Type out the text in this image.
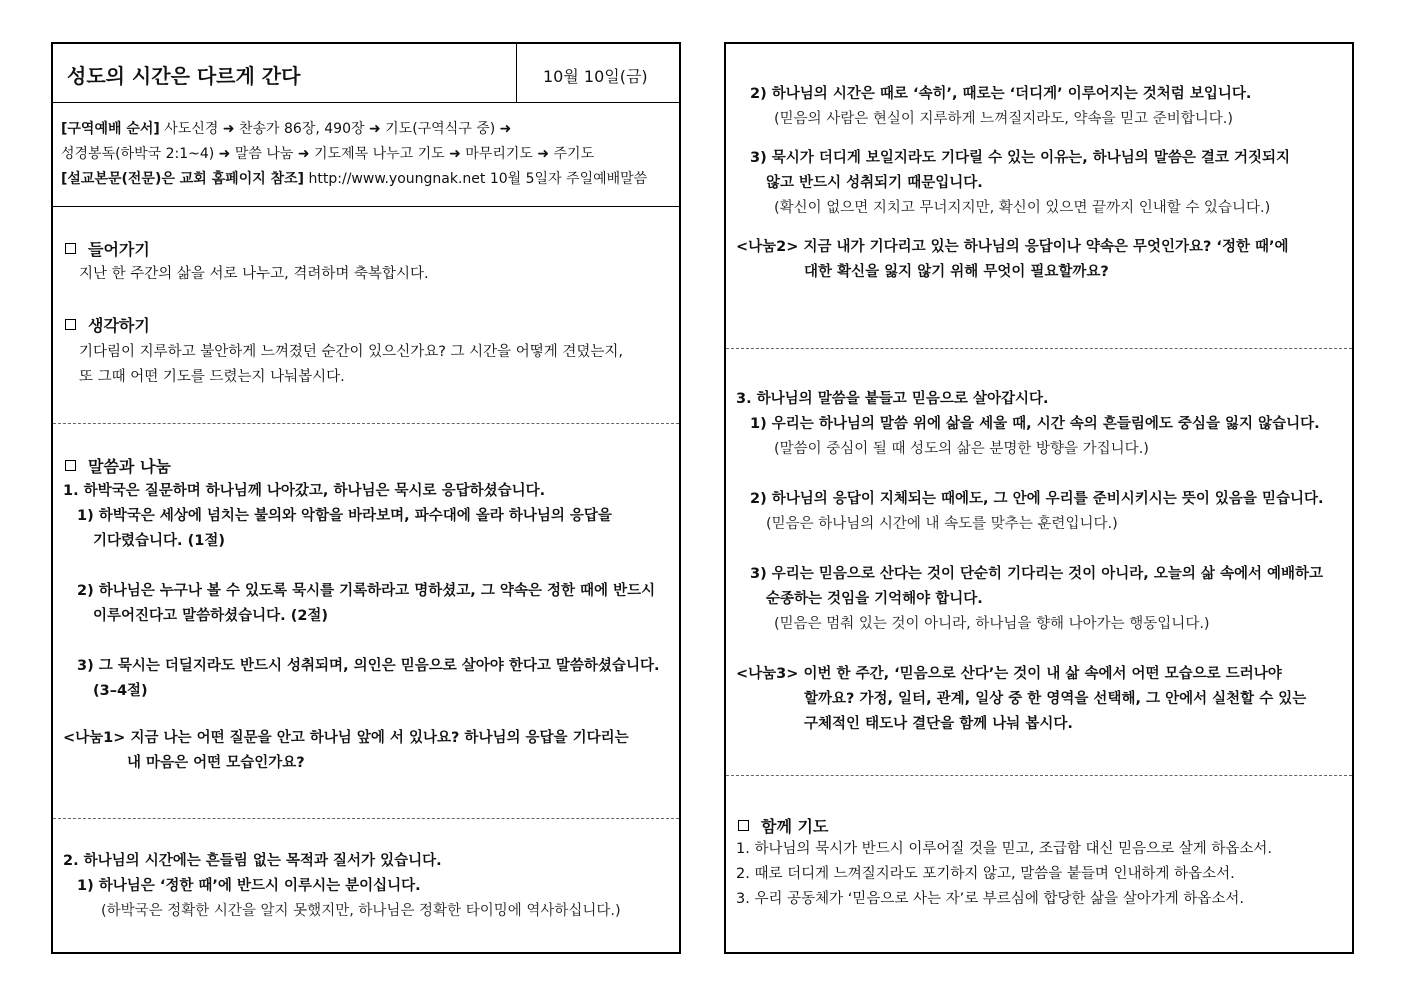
성도의 시간은 다르게 간다	10월 10일(금)
[구역예배 순서] 사도신경 ➜ 찬송가 86장, 490장 ➜ 기도(구역식구 중) ➜
성경봉독(하박국 2:1~4) ➜ 말씀 나눔 ➜ 기도제목 나누고 기도 ➜ 마무리기도 ➜ 주기도
[설교본문(전문)은 교회 홈페이지 참조] http://www.youngnak.net 10월 5일자 주일예배말씀
들어가기
지난 한 주간의 삶을 서로 나누고, 격려하며 축복합시다.
생각하기
기다림이 지루하고 불안하게 느껴졌던 순간이 있으신가요? 그 시간을 어떻게 견뎠는지,
또 그때 어떤 기도를 드렸는지 나눠봅시다.
말씀과 나눔
1. 하박국은 질문하며 하나님께 나아갔고, 하나님은 묵시로 응답하셨습니다.
1) 하박국은 세상에 넘치는 불의와 악함을 바라보며, 파수대에 올라 하나님의 응답을
기다렸습니다. (1절)
2) 하나님은 누구나 볼 수 있도록 묵시를 기록하라고 명하셨고, 그 약속은 정한 때에 반드시
이루어진다고 말씀하셨습니다. (2절)
3) 그 묵시는 더딜지라도 반드시 성취되며, 의인은 믿음으로 살아야 한다고 말씀하셨습니다.
(3–4절)
<나눔1> 지금 나는 어떤 질문을 안고 하나님 앞에 서 있나요? 하나님의 응답을 기다리는
내 마음은 어떤 모습인가요?
2. 하나님의 시간에는 흔들림 없는 목적과 질서가 있습니다.
1) 하나님은 ‘정한 때’에 반드시 이루시는 분이십니다.
(하박국은 정확한 시간을 알지 못했지만, 하나님은 정확한 타이밍에 역사하십니다.)
2) 하나님의 시간은 때로 ‘속히’, 때로는 ‘더디게’ 이루어지는 것처럼 보입니다.
(믿음의 사람은 현실이 지루하게 느껴질지라도, 약속을 믿고 준비합니다.)
3) 묵시가 더디게 보일지라도 기다릴 수 있는 이유는, 하나님의 말씀은 결코 거짓되지
않고 반드시 성취되기 때문입니다.
(확신이 없으면 지치고 무너지지만, 확신이 있으면 끝까지 인내할 수 있습니다.)
<나눔2> 지금 내가 기다리고 있는 하나님의 응답이나 약속은 무엇인가요? ‘정한 때’에
대한 확신을 잃지 않기 위해 무엇이 필요할까요?
3. 하나님의 말씀을 붙들고 믿음으로 살아갑시다.
1) 우리는 하나님의 말씀 위에 삶을 세울 때, 시간 속의 흔들림에도 중심을 잃지 않습니다.
(말씀이 중심이 될 때 성도의 삶은 분명한 방향을 가집니다.)
2) 하나님의 응답이 지체되는 때에도, 그 안에 우리를 준비시키시는 뜻이 있음을 믿습니다.
(믿음은 하나님의 시간에 내 속도를 맞추는 훈련입니다.)
3) 우리는 믿음으로 산다는 것이 단순히 기다리는 것이 아니라, 오늘의 삶 속에서 예배하고
순종하는 것임을 기억해야 합니다.
(믿음은 멈춰 있는 것이 아니라, 하나님을 향해 나아가는 행동입니다.)
<나눔3> 이번 한 주간, ‘믿음으로 산다’는 것이 내 삶 속에서 어떤 모습으로 드러나야
할까요? 가정, 일터, 관계, 일상 중 한 영역을 선택해, 그 안에서 실천할 수 있는
구체적인 태도나 결단을 함께 나눠 봅시다.
함께 기도
1. 하나님의 묵시가 반드시 이루어질 것을 믿고, 조급함 대신 믿음으로 살게 하옵소서.
2. 때로 더디게 느껴질지라도 포기하지 않고, 말씀을 붙들며 인내하게 하옵소서.
3. 우리 공동체가 ‘믿음으로 사는 자’로 부르심에 합당한 삶을 살아가게 하옵소서.
